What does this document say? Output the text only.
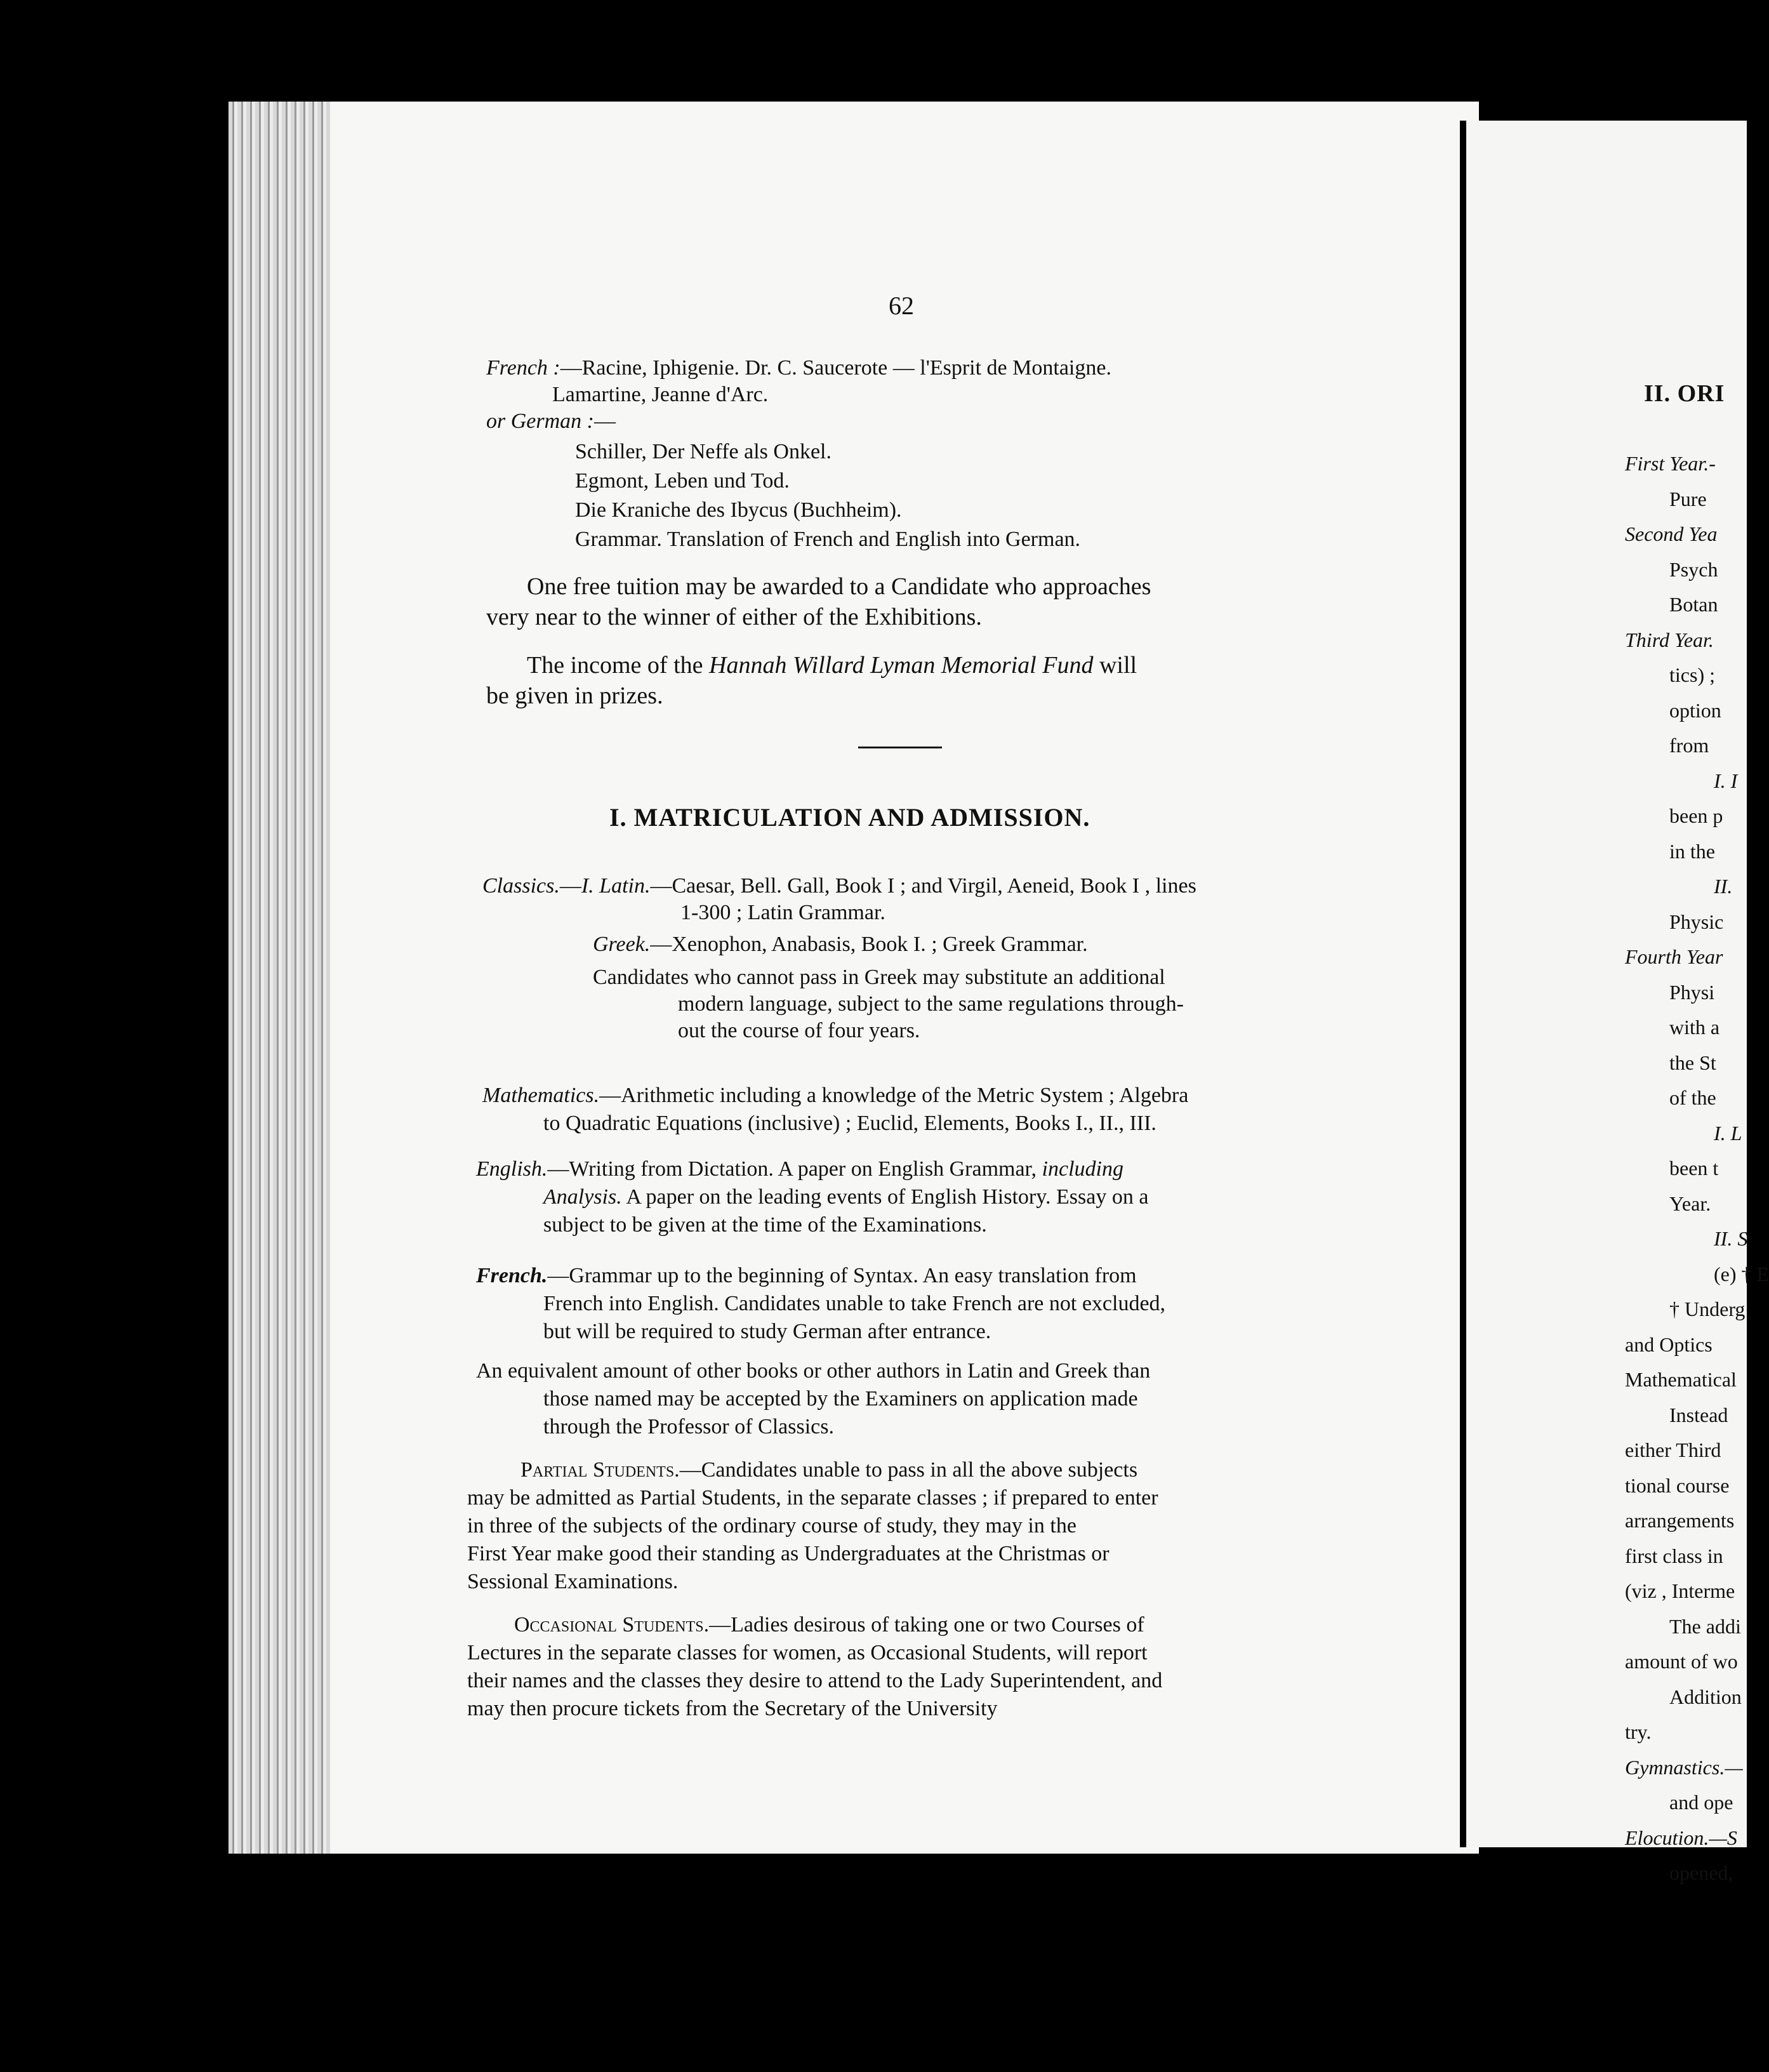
62
French :—Racine, Iphigenie. Dr. C. Saucerote — l'Esprit de Montaigne.
Lamartine, Jeanne d'Arc.
or German :—
Schiller, Der Neffe als Onkel.
Egmont, Leben und Tod.
Die Kraniche des Ibycus (Buchheim).
Grammar. Translation of French and English into German.
One free tuition may be awarded to a Candidate who approaches
very near to the winner of either of the Exhibitions.
The income of the Hannah Willard Lyman Memorial Fund will
be given in prizes.
I. MATRICULATION AND ADMISSION.
Classics.—I. Latin.—Caesar, Bell. Gall, Book I ; and Virgil, Aeneid, Book I , lines
1-300 ; Latin Grammar.
Greek.—Xenophon, Anabasis, Book I. ; Greek Grammar.
Candidates who cannot pass in Greek may substitute an additional
modern language, subject to the same regulations through-
out the course of four years.
Mathematics.—Arithmetic including a knowledge of the Metric System ; Algebra
to Quadratic Equations (inclusive) ; Euclid, Elements, Books I., II., III.
English.—Writing from Dictation. A paper on English Grammar, including
Analysis. A paper on the leading events of English History. Essay on a
subject to be given at the time of the Examinations.
French.—Grammar up to the beginning of Syntax. An easy translation from
French into English. Candidates unable to take French are not excluded,
but will be required to study German after entrance.
An equivalent amount of other books or other authors in Latin and Greek than
those named may be accepted by the Examiners on application made
through the Professor of Classics.
Partial Students.—Candidates unable to pass in all the above subjects
may be admitted as Partial Students, in the separate classes ; if prepared to enter
in three of the subjects of the ordinary course of study, they may in the
First Year make good their standing as Undergraduates at the Christmas or
Sessional Examinations.
Occasional Students.—Ladies desirous of taking one or two Courses of
Lectures in the separate classes for women, as Occasional Students, will report
their names and the classes they desire to attend to the Lady Superintendent, and
may then procure tickets from the Secretary of the University
II. ORI
First Year.-
Pure
Second Yea
Psych
Botan
Third Year.
tics) ;
option
from
I. I
been p
in the
II.
Physic
Fourth Year
Physi
with a
the St
of the
I. L
been t
Year.
II. S
(e) † E
† Underg
and Optics
Mathematical
Instead
either Third
tional course
arrangements
first class in
(viz , Interme
The addi
amount of wo
Addition
try.
Gymnastics.—
and ope
Elocution.—S
opened,
